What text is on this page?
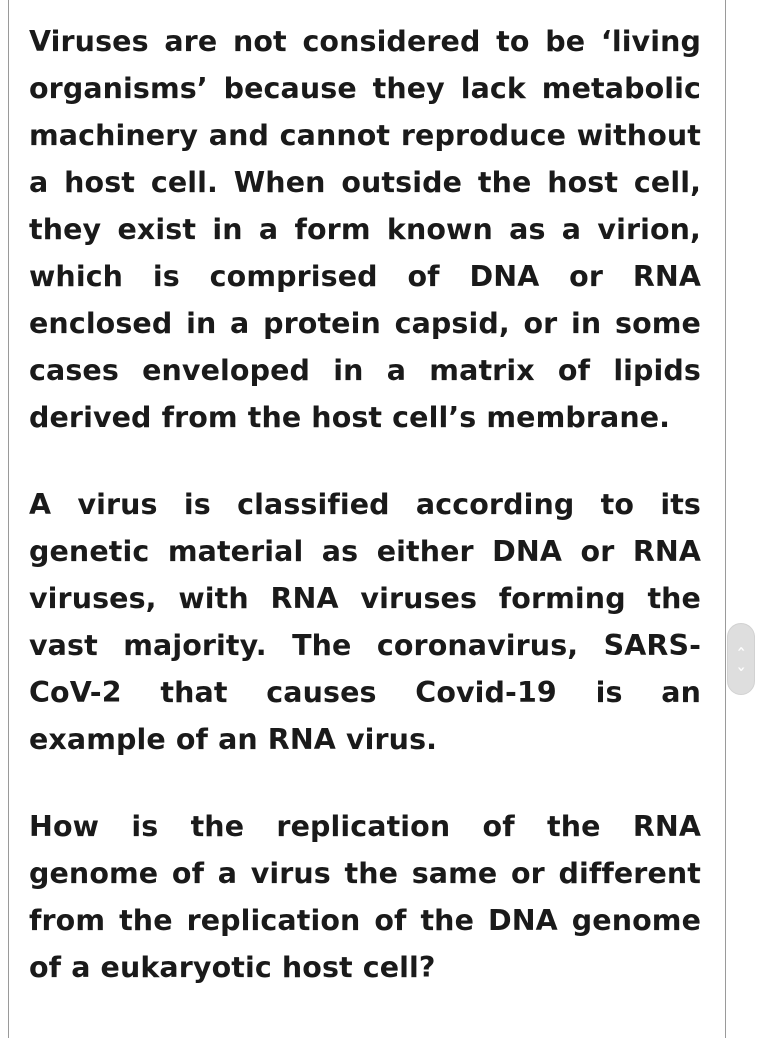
Viruses are not considered to be ‘living organisms’ because they lack metabolic machinery and cannot reproduce without a host cell. When outside the host cell, they exist in a form known as a virion, which is comprised of DNA or RNA enclosed in a protein capsid, or in some cases enveloped in a matrix of lipids derived from the host cell’s membrane.

A virus is classified according to its genetic material as either DNA or RNA viruses, with RNA viruses forming the vast majority. The coronavirus, SARS-CoV-2 that causes Covid-19 is an example of an RNA virus.

How is the replication of the RNA genome of a virus the same or different from the replication of the DNA genome of a eukaryotic host cell?

‹
›
